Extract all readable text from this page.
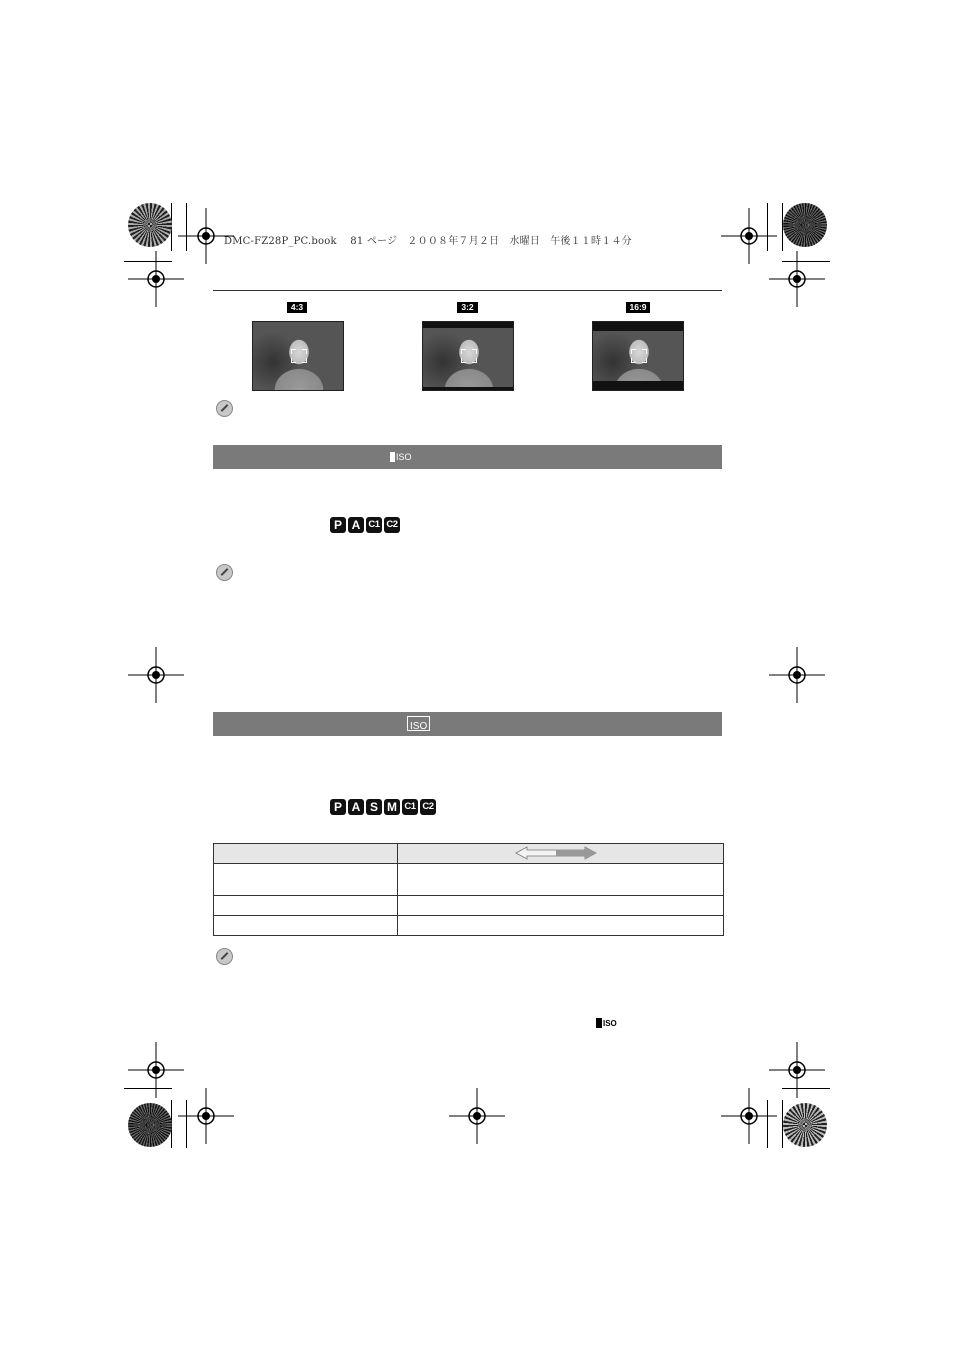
DMC-FZ28P_PC.book　 81 ページ　２００８年７月２日　水曜日　午後１１時１４分
4:3	3:2	16:9
ISO
P A C1 C2
ISO
P A S M C1 C2

ISO
